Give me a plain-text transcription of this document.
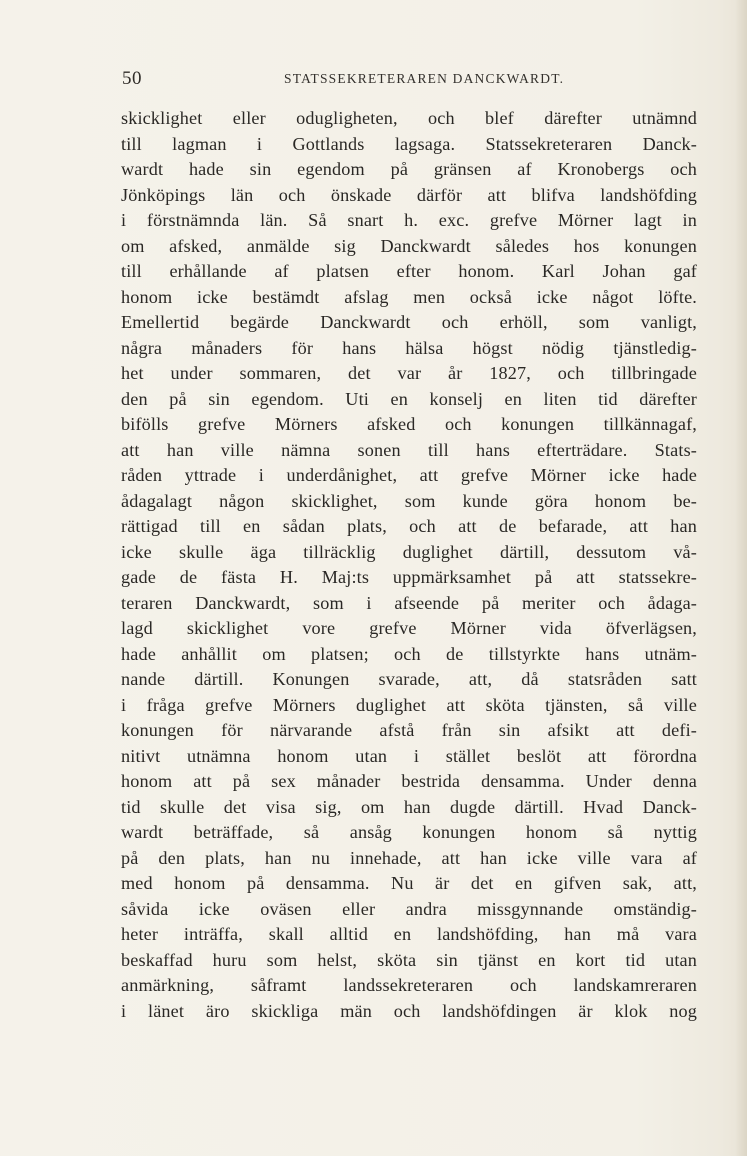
50	STATSSEKRETERAREN DANCKWARDT.
skicklighet eller odugligheten, och blef därefter utnämnd
till lagman i Gottlands lagsaga. Statssekreteraren Danck-
wardt hade sin egendom på gränsen af Kronobergs och
Jönköpings län och önskade därför att blifva landshöfding
i förstnämnda län. Så snart h. exc. grefve Mörner lagt in
om afsked, anmälde sig Danckwardt således hos konungen
till erhållande af platsen efter honom. Karl Johan gaf
honom icke bestämdt afslag men också icke något löfte.
Emellertid begärde Danckwardt och erhöll, som vanligt,
några månaders för hans hälsa högst nödig tjänstledig-
het under sommaren, det var år 1827, och tillbringade
den på sin egendom. Uti en konselj en liten tid därefter
bifölls grefve Mörners afsked och konungen tillkännagaf,
att han ville nämna sonen till hans efterträdare. Stats-
råden yttrade i underdånighet, att grefve Mörner icke hade
ådagalagt någon skicklighet, som kunde göra honom be-
rättigad till en sådan plats, och att de befarade, att han
icke skulle äga tillräcklig duglighet därtill, dessutom vå-
gade de fästa H. Maj:ts uppmärksamhet på att statssekre-
teraren Danckwardt, som i afseende på meriter och ådaga-
lagd skicklighet vore grefve Mörner vida öfverlägsen,
hade anhållit om platsen; och de tillstyrkte hans utnäm-
nande därtill. Konungen svarade, att, då statsråden satt
i fråga grefve Mörners duglighet att sköta tjänsten, så ville
konungen för närvarande afstå från sin afsikt att defi-
nitivt utnämna honom utan i stället beslöt att förordna
honom att på sex månader bestrida densamma. Under denna
tid skulle det visa sig, om han dugde därtill. Hvad Danck-
wardt beträffade, så ansåg konungen honom så nyttig
på den plats, han nu innehade, att han icke ville vara af
med honom på densamma. Nu är det en gifven sak, att,
såvida icke oväsen eller andra missgynnande omständig-
heter inträffa, skall alltid en landshöfding, han må vara
beskaffad huru som helst, sköta sin tjänst en kort tid utan
anmärkning, såframt landssekreteraren och landskamreraren
i länet äro skickliga män och landshöfdingen är klok nog
